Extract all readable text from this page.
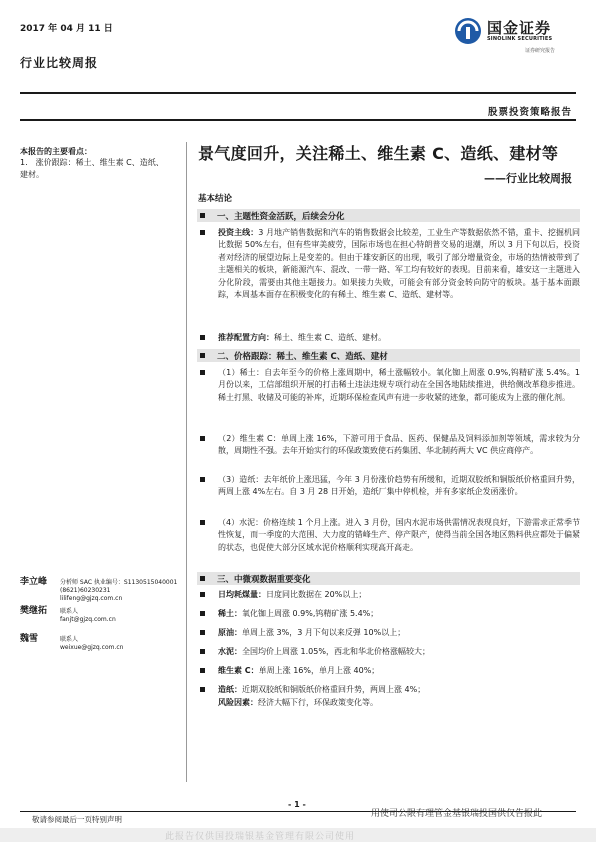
2017 年 04 月 11 日	国金证券
SINOLINK SECURITIES
证券研究报告
行业比较周报
股票投资策略报告
本报告的主要看点：
1.　涨价跟踪：稀土、维生素 C、造纸、建材。
景气度回升，关注稀土、维生素 C、造纸、建材等
——行业比较周报
基本结论
一、主题性资金活跃，后续会分化
投资主线：3 月地产销售数据和汽车的销售数据会比较差，工业生产等数据依然不错，重卡、挖掘机同比数据 50%左右，但有些审美疲劳，国际市场也在担心特朗普交易的退潮，所以 3 月下旬以后，投资者对经济的展望边际上是变差的。但由于雄安新区的出现，吸引了部分增量资金，市场的热情被带到了主题相关的板块，新能源汽车、混改、一带一路、军工均有较好的表现。目前来看，雄安这一主题进入分化阶段，需要由其他主题接力。如果接力失败，可能会有部分资金转向防守的板块。基于基本面跟踪，本周基本面存在积极变化的有稀土、维生素 C、造纸、建材等。
推荐配置方向：稀土、维生素 C、造纸、建材。
二、价格跟踪：稀土、维生素 C、造纸、建材
（1）稀土：自去年至今的价格上涨周期中，稀土涨幅较小。氧化铷上周涨 0.9%,钨精矿涨 5.4%。1 月份以来，工信部组织开展的打击稀土违法违规专项行动在全国各地陆续推进，供给侧改革稳步推进。稀土打黑、收储及可能的补库，近期环保检查风声有进一步收紧的迹象，都可能成为上涨的催化剂。
（2）维生素 C：单周上涨 16%，下游可用于食品、医药、保健品及饲料添加剂等领域，需求较为分散，周期性不强。去年开始实行的环保政策致使石药集团、华北制药两大 VC 供应商停产。
（3）造纸：去年纸价上涨迅猛，今年 3 月份涨价趋势有所缓和，近期双胶纸和铜版纸价格重回升势，两周上涨 4%左右。自 3 月 28 日开始，造纸厂集中停机检，并有多家纸企发函涨价。
（4）水泥：价格连续 1 个月上涨。进入 3 月份，国内水泥市场供需情况表现良好，下游需求正常季节性恢复，而一季度的大范围、大力度的错峰生产、停产限产，使得当前全国各地区熟料供应都处于偏紧的状态，也促使大部分区域水泥价格顺利实现高开高走。
三、中微观数据重要变化
日均耗煤量：日度同比数据在 20%以上；
稀土：氧化铷上周涨 0.9%,钨精矿涨 5.4%；
原油：单周上涨 3%，3 月下旬以来反弹 10%以上；
水泥：全国均价上周涨 1.05%，西北和华北价格涨幅较大；
维生素 C：单周上涨 16%，单月上涨 40%；
造纸：近期双胶纸和铜版纸价格重回升势，两周上涨 4%；
风险因素：经济大幅下行，环保政策变化等。
李立峰 分析师 SAC 执业编号：S1130515040001
(8621)60230231
lilifeng@gjzq.com.cn
樊继拓 联系人
fanjt@gjzq.com.cn
魏雪	联系人
weixue@gjzq.com.cn
- 1 -
敬请参阅最后一页特别声明
用使司公限有理管金基银瑞投国供仅告报此
此报告仅供国投瑞银基金管理有限公司使用
